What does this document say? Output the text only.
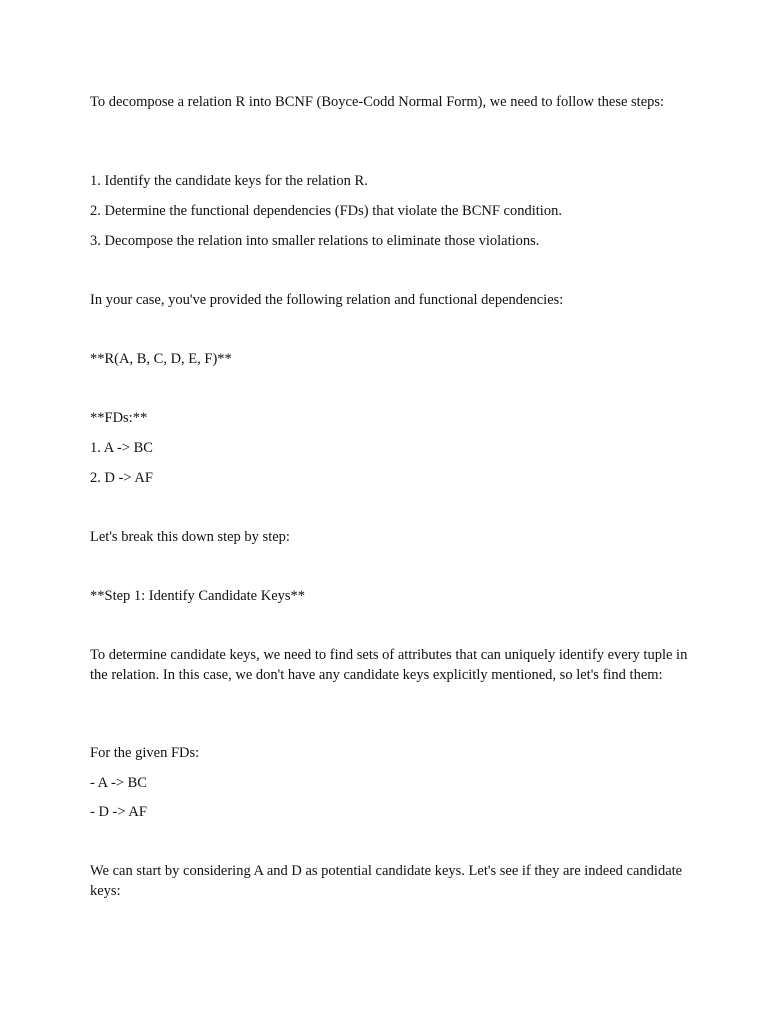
To decompose a relation R into BCNF (Boyce-Codd Normal Form), we need to follow these steps:
1. Identify the candidate keys for the relation R.
2. Determine the functional dependencies (FDs) that violate the BCNF condition.
3. Decompose the relation into smaller relations to eliminate those violations.
In your case, you've provided the following relation and functional dependencies:
**R(A, B, C, D, E, F)**
**FDs:**
1. A -> BC
2. D -> AF
Let's break this down step by step:
**Step 1: Identify Candidate Keys**
To determine candidate keys, we need to find sets of attributes that can uniquely identify every tuple in the relation. In this case, we don't have any candidate keys explicitly mentioned, so let's find them:
For the given FDs:
- A -> BC
- D -> AF
We can start by considering A and D as potential candidate keys. Let's see if they are indeed candidate keys:
